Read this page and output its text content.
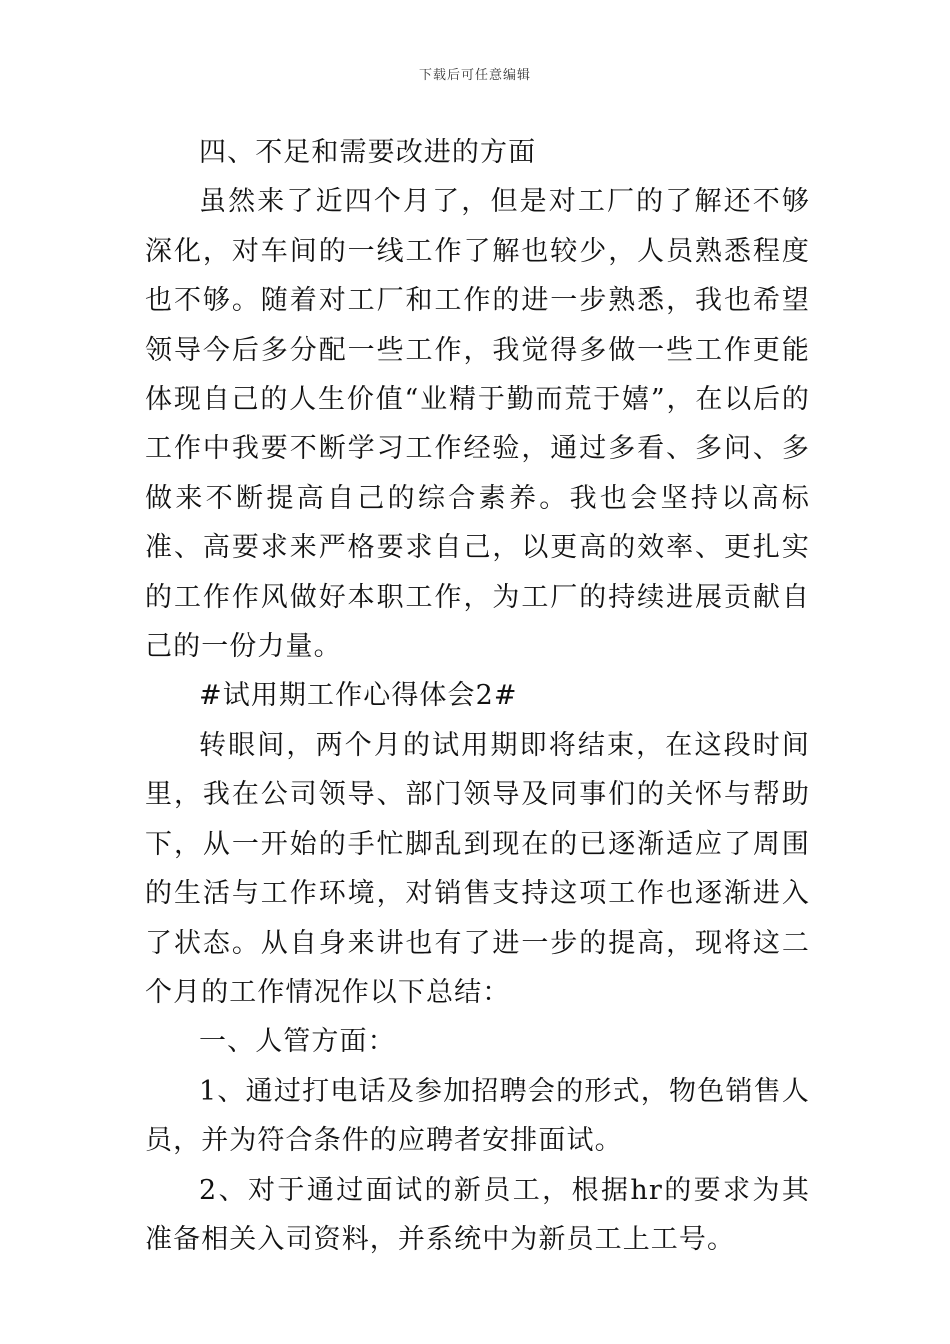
下载后可任意编辑

四、不足和需要改进的方面

虽然来了近四个月了，但是对工厂的了解还不够深化，对车间的一线工作了解也较少，人员熟悉程度也不够。随着对工厂和工作的进一步熟悉，我也希望领导今后多分配一些工作，我觉得多做一些工作更能体现自己的人生价值“业精于勤而荒于嬉”，在以后的工作中我要不断学习工作经验，通过多看、多问、多做来不断提高自己的综合素养。我也会坚持以高标准、高要求来严格要求自己，以更高的效率、更扎实的工作作风做好本职工作，为工厂的持续进展贡献自己的一份力量。

#试用期工作心得体会2#

转眼间，两个月的试用期即将结束，在这段时间里，我在公司领导、部门领导及同事们的关怀与帮助下，从一开始的手忙脚乱到现在的已逐渐适应了周围的生活与工作环境，对销售支持这项工作也逐渐进入了状态。从自身来讲也有了进一步的提高，现将这二个月的工作情况作以下总结：

一、人管方面：

1、通过打电话及参加招聘会的形式，物色销售人员，并为符合条件的应聘者安排面试。

2、对于通过面试的新员工，根据hr的要求为其准备相关入司资料，并系统中为新员工上工号。
